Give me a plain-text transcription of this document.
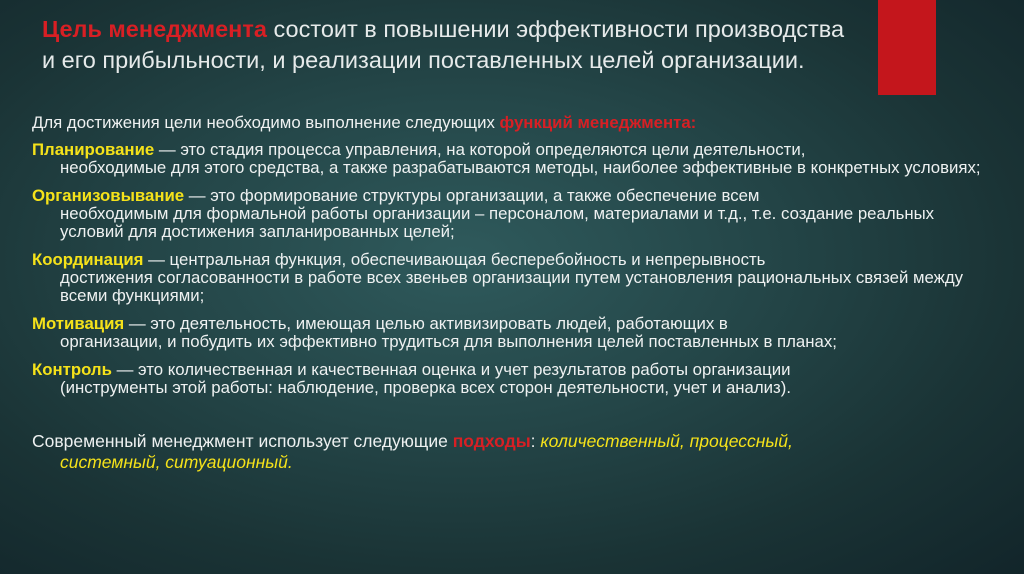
Цель менеджмента состоит в повышении эффективности производства и его прибыльности, и реализации поставленных целей организации.

Для достижения цели необходимо выполнение следующих функций менеджмента:

Планирование — это стадия процесса управления, на которой определяются цели деятельности,
необходимые для этого средства, а также разрабатываются методы, наиболее эффективные в конкретных условиях;
Организовывание — это формирование структуры организации, а также обеспечение всем
необходимым для формальной работы организации – персоналом, материалами и т.д., т.е. создание реальных условий для достижения запланированных целей;
Координация — центральная функция, обеспечивающая бесперебойность и непрерывность
достижения согласованности в работе всех звеньев организации путем установления рациональных связей между всеми функциями;
Мотивация — это деятельность, имеющая целью активизировать людей, работающих в
организации, и побудить их эффективно трудиться для выполнения целей поставленных в планах;
Контроль — это количественная и качественная оценка и учет результатов работы организации
(инструменты этой работы: наблюдение, проверка всех сторон деятельности, учет и анализ).
Современный менеджмент использует следующие подходы: количественный, процессный,
системный, ситуационный.
